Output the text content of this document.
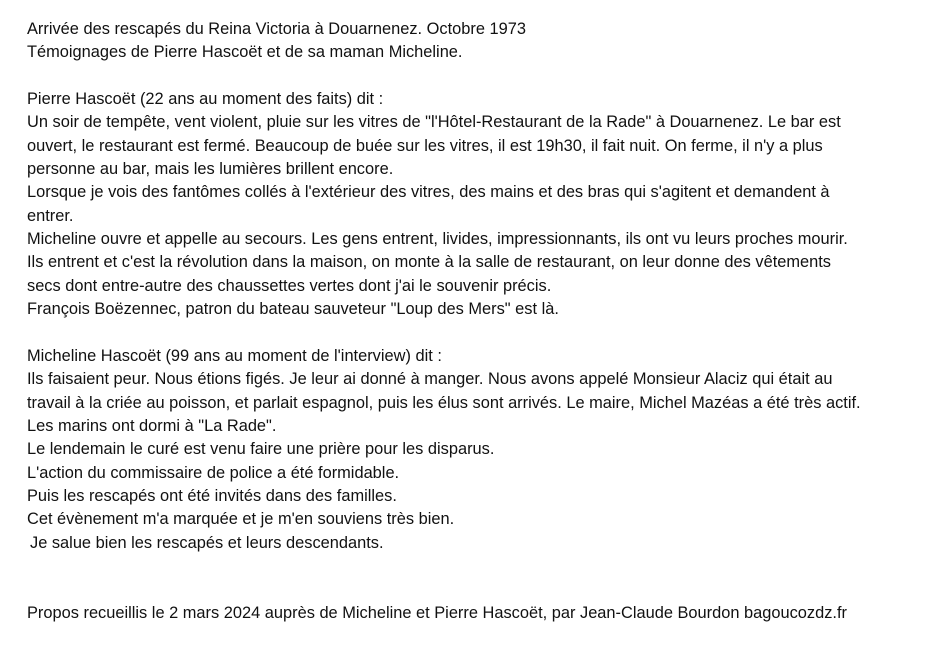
Arrivée des rescapés du Reina Victoria à Douarnenez. Octobre 1973
Témoignages de Pierre Hascoët et de sa maman Micheline.
Pierre Hascoët (22 ans au moment des faits) dit :
Un soir de tempête, vent violent, pluie sur les vitres de "l'Hôtel-Restaurant de la Rade" à Douarnenez. Le bar est
ouvert, le restaurant est fermé. Beaucoup de buée sur les vitres, il est 19h30, il fait nuit. On ferme, il n'y a plus
personne au bar, mais les lumières brillent encore.
Lorsque je vois des fantômes collés à l'extérieur des vitres, des mains et des bras qui s'agitent et demandent à
entrer.
Micheline ouvre et appelle au secours. Les gens entrent, livides, impressionnants, ils ont vu leurs proches mourir.
Ils entrent et c'est la révolution dans la maison, on monte à la salle de restaurant, on leur donne des vêtements
secs dont entre-autre des chaussettes vertes dont j'ai le souvenir précis.
François Boëzennec, patron du bateau sauveteur "Loup des Mers" est là.
Micheline Hascoët (99 ans au moment de l'interview) dit :
Ils faisaient peur. Nous étions figés. Je leur ai donné à manger. Nous avons appelé Monsieur Alaciz qui était au
travail à la criée au poisson, et parlait espagnol, puis les élus sont arrivés. Le maire, Michel Mazéas a été très actif.
Les marins ont dormi à "La Rade".
Le lendemain le curé est venu faire une prière pour les disparus.
L'action du commissaire de police a été formidable.
Puis les rescapés ont été invités dans des familles.
Cet évènement m'a marquée et je m'en souviens très bien.
Je salue bien les rescapés et leurs descendants.
Propos recueillis le 2 mars 2024 auprès de Micheline et Pierre Hascoët, par Jean-Claude Bourdon bagoucozdz.fr
